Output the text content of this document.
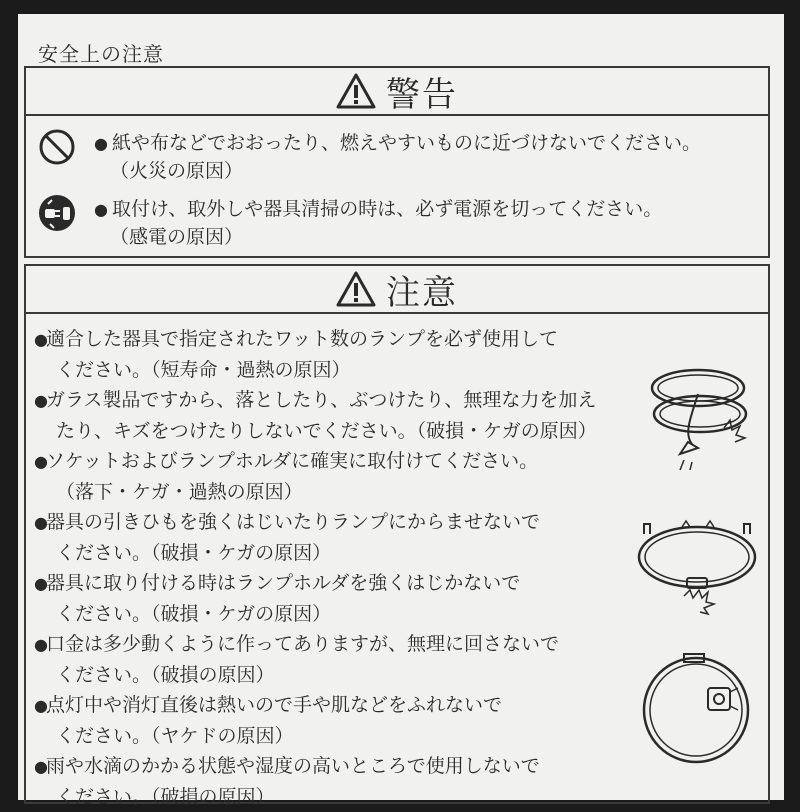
安全上の注意
警告
● 紙や布などでおおったり、燃えやすいものに近づけないでください。
（火災の原因）
● 取付け、取外しや器具清掃の時は、必ず電源を切ってください。
（感電の原因）
注意
●適合した器具で指定されたワット数のランプを必ず使用して
ください。（短寿命・過熱の原因）
●ガラス製品ですから、落としたり、ぶつけたり、無理な力を加え
たり、キズをつけたりしないでください。（破損・ケガの原因）
●ソケットおよびランプホルダに確実に取付けてください。
（落下・ケガ・過熱の原因）
●器具の引きひもを強くはじいたりランプにからませないで
ください。（破損・ケガの原因）
●器具に取り付ける時はランプホルダを強くはじかないで
ください。（破損・ケガの原因）
●口金は多少動くように作ってありますが、無理に回さないで
ください。（破損の原因）
●点灯中や消灯直後は熱いので手や肌などをふれないで
ください。（ヤケドの原因）
●雨や水滴のかかる状態や湿度の高いところで使用しないで
ください。（破損の原因）
